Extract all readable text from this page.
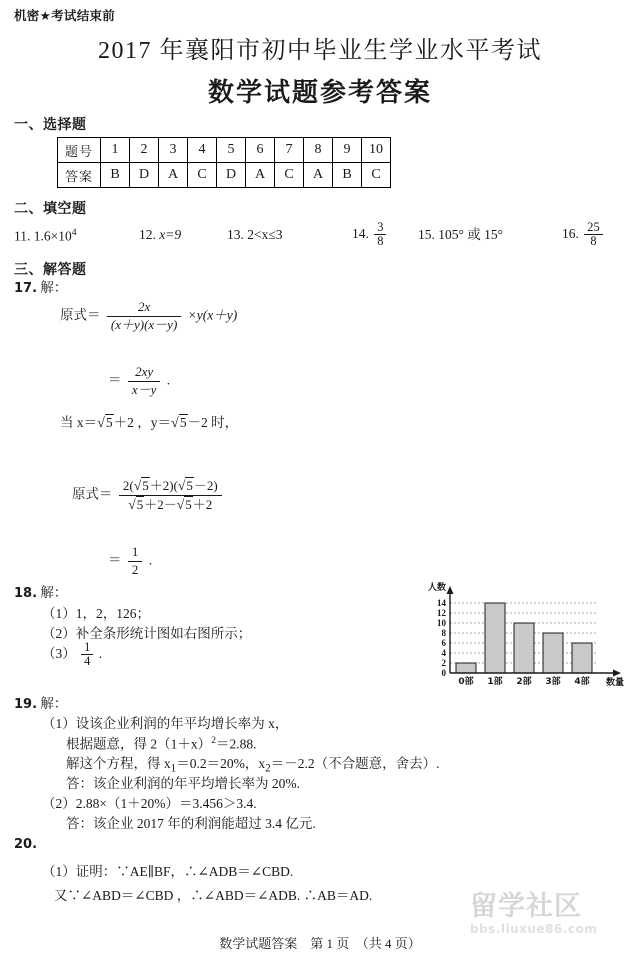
机密★考试结束前
2017 年襄阳市初中毕业生学业水平考试
数学试题参考答案
一、选择题
题号	1	2	3	4	5	6	7	8	9	10
答案	B	D	A	C	D	A	C	A	B	C
二、填空题
11. $1.6\times 10^4$	12. x=9	13. 2<x≤3	14. $\frac{3}{8} 15$. 105° 或 15°	16. $\frac{25}{8}$
三、解答题
17. 解：
原式＝ $\frac{2x}{(x+y)(x-y)} \times y(x+y)$
＝ $\frac{2xy}{x-y}$ .
当 x＝√5＋2 ，y＝√5－2 时，
原式＝ $\frac{2(√5+2)(√5-2)}{√5+2-√5+2}$
＝ $\frac{1}{2}$ .
18. 解：
（1）1，2，126；
（2）补全条形统计图如右图所示；
$(3) \frac{1}{4}$ .
0
2
4
6
8
10
12
14
0部 1部 2部 3部 4部
人数
数量
19. 解：
（1）设该企业利润的年平均增长率为 x，
根据题意，得 $2(1+x)^2=2.88$.
解这个方程，得 $x_1=0.2=20\%$，$x_2=-2.2$（不合题意，舍去）.
答：该企业利润的年平均增长率为 20%.
（2）2.88×（1＋20%）＝3.456＞3.4.
答：该企业 2017 年的利润能超过 3.4 亿元.
20.
（1）证明：∵AE∥BF，∴∠ADB＝∠CBD.
又∵∠ABD＝∠CBD ，∴∠ABD＝∠ADB. ∴AB＝AD.	留学社区
bbs.liuxue86.com
数学试题答案　第 1 页　（共 4 页）
